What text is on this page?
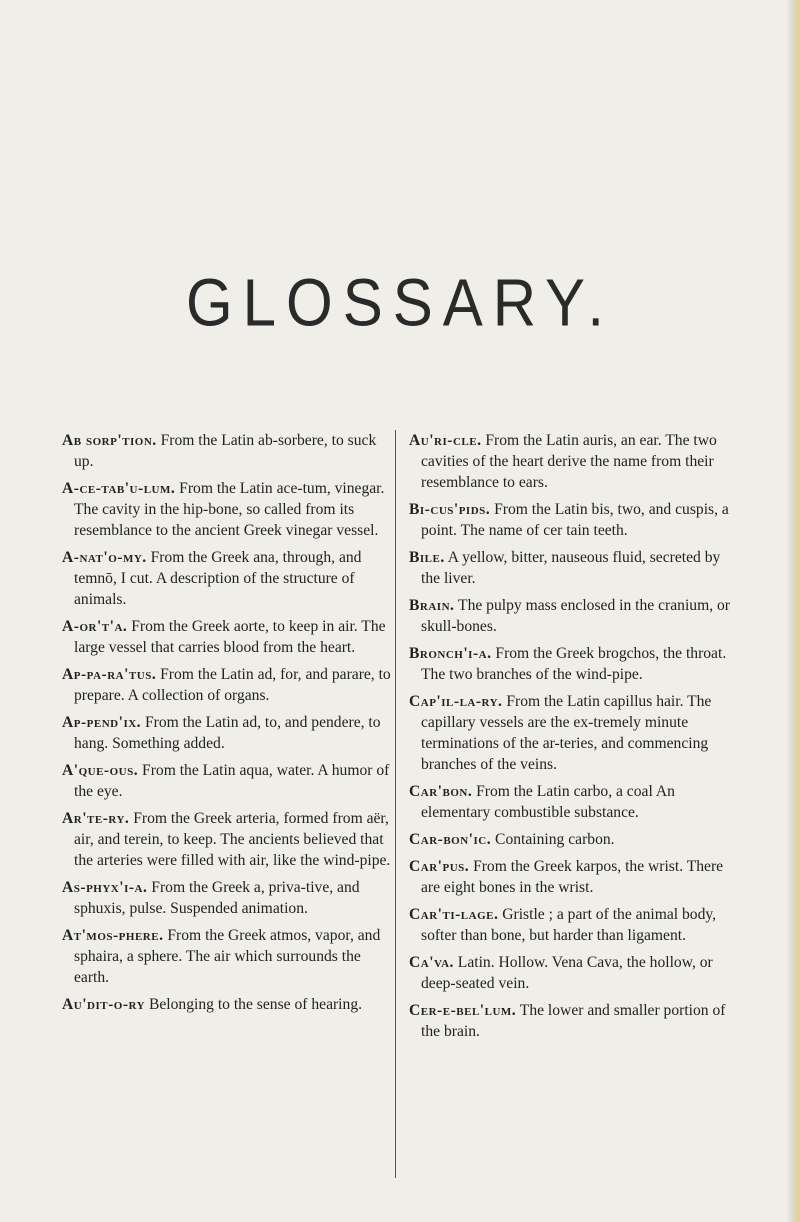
GLOSSARY.

Ab sorp'tion. From the Latin ab-sorbere, to suck up.

A-ce-tab'u-lum. From the Latin ace-tum, vinegar. The cavity in the hip-bone, so called from its resemblance to the ancient Greek vinegar vessel.

A-nat'o-my. From the Greek ana, through, and temnō, I cut. A description of the structure of animals.

A-or't'a. From the Greek aorte, to keep in air. The large vessel that carries blood from the heart.

Ap-pa-ra'tus. From the Latin ad, for, and parare, to prepare. A collection of organs.

Ap-pend'ix. From the Latin ad, to, and pendere, to hang. Something added.

A'que-ous. From the Latin aqua, water. A humor of the eye.

Ar'te-ry. From the Greek arteria, formed from aër, air, and terein, to keep. The ancients believed that the arteries were filled with air, like the wind-pipe.

As-phyx'i-a. From the Greek a, priva-tive, and sphuxis, pulse. Suspended animation.

At'mos-phere. From the Greek atmos, vapor, and sphaira, a sphere. The air which surrounds the earth.

Au'dit-o-ry Belonging to the sense of hearing.

Au'ri-cle. From the Latin auris, an ear. The two cavities of the heart derive the name from their resemblance to ears.

Bi-cus'pids. From the Latin bis, two, and cuspis, a point. The name of cer tain teeth.

Bile. A yellow, bitter, nauseous fluid, secreted by the liver.

Brain. The pulpy mass enclosed in the cranium, or skull-bones.

Bronch'i-a. From the Greek brogchos, the throat. The two branches of the wind-pipe.

Cap'il-la-ry. From the Latin capillus hair. The capillary vessels are the ex-tremely minute terminations of the ar-teries, and commencing branches of the veins.

Car'bon. From the Latin carbo, a coal An elementary combustible substance.

Car-bon'ic. Containing carbon.

Car'pus. From the Greek karpos, the wrist. There are eight bones in the wrist.

Car'ti-lage. Gristle ; a part of the animal body, softer than bone, but harder than ligament.

Ca'va. Latin. Hollow. Vena Cava, the hollow, or deep-seated vein.

Cer-e-bel'lum. The lower and smaller portion of the brain.
